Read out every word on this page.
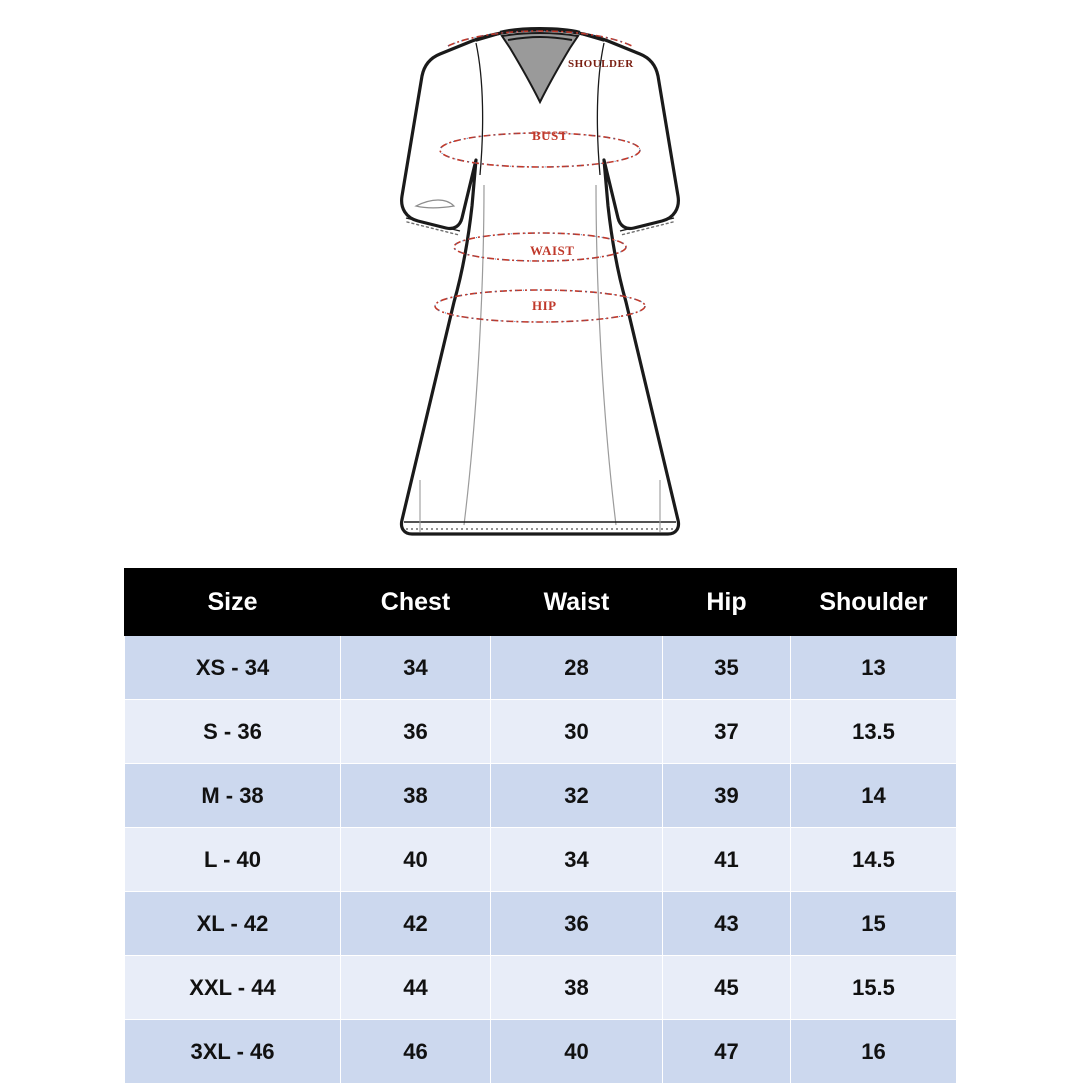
SHOULDER
BUST
WAIST
HIP
Size	Chest	Waist	Hip	Shoulder
XS - 34	34	28	35	13
S - 36	36	30	37	13.5
M - 38	38	32	39	14
L - 40	40	34	41	14.5
XL - 42	42	36	43	15
XXL - 44	44	38	45	15.5
3XL - 46	46	40	47	16
